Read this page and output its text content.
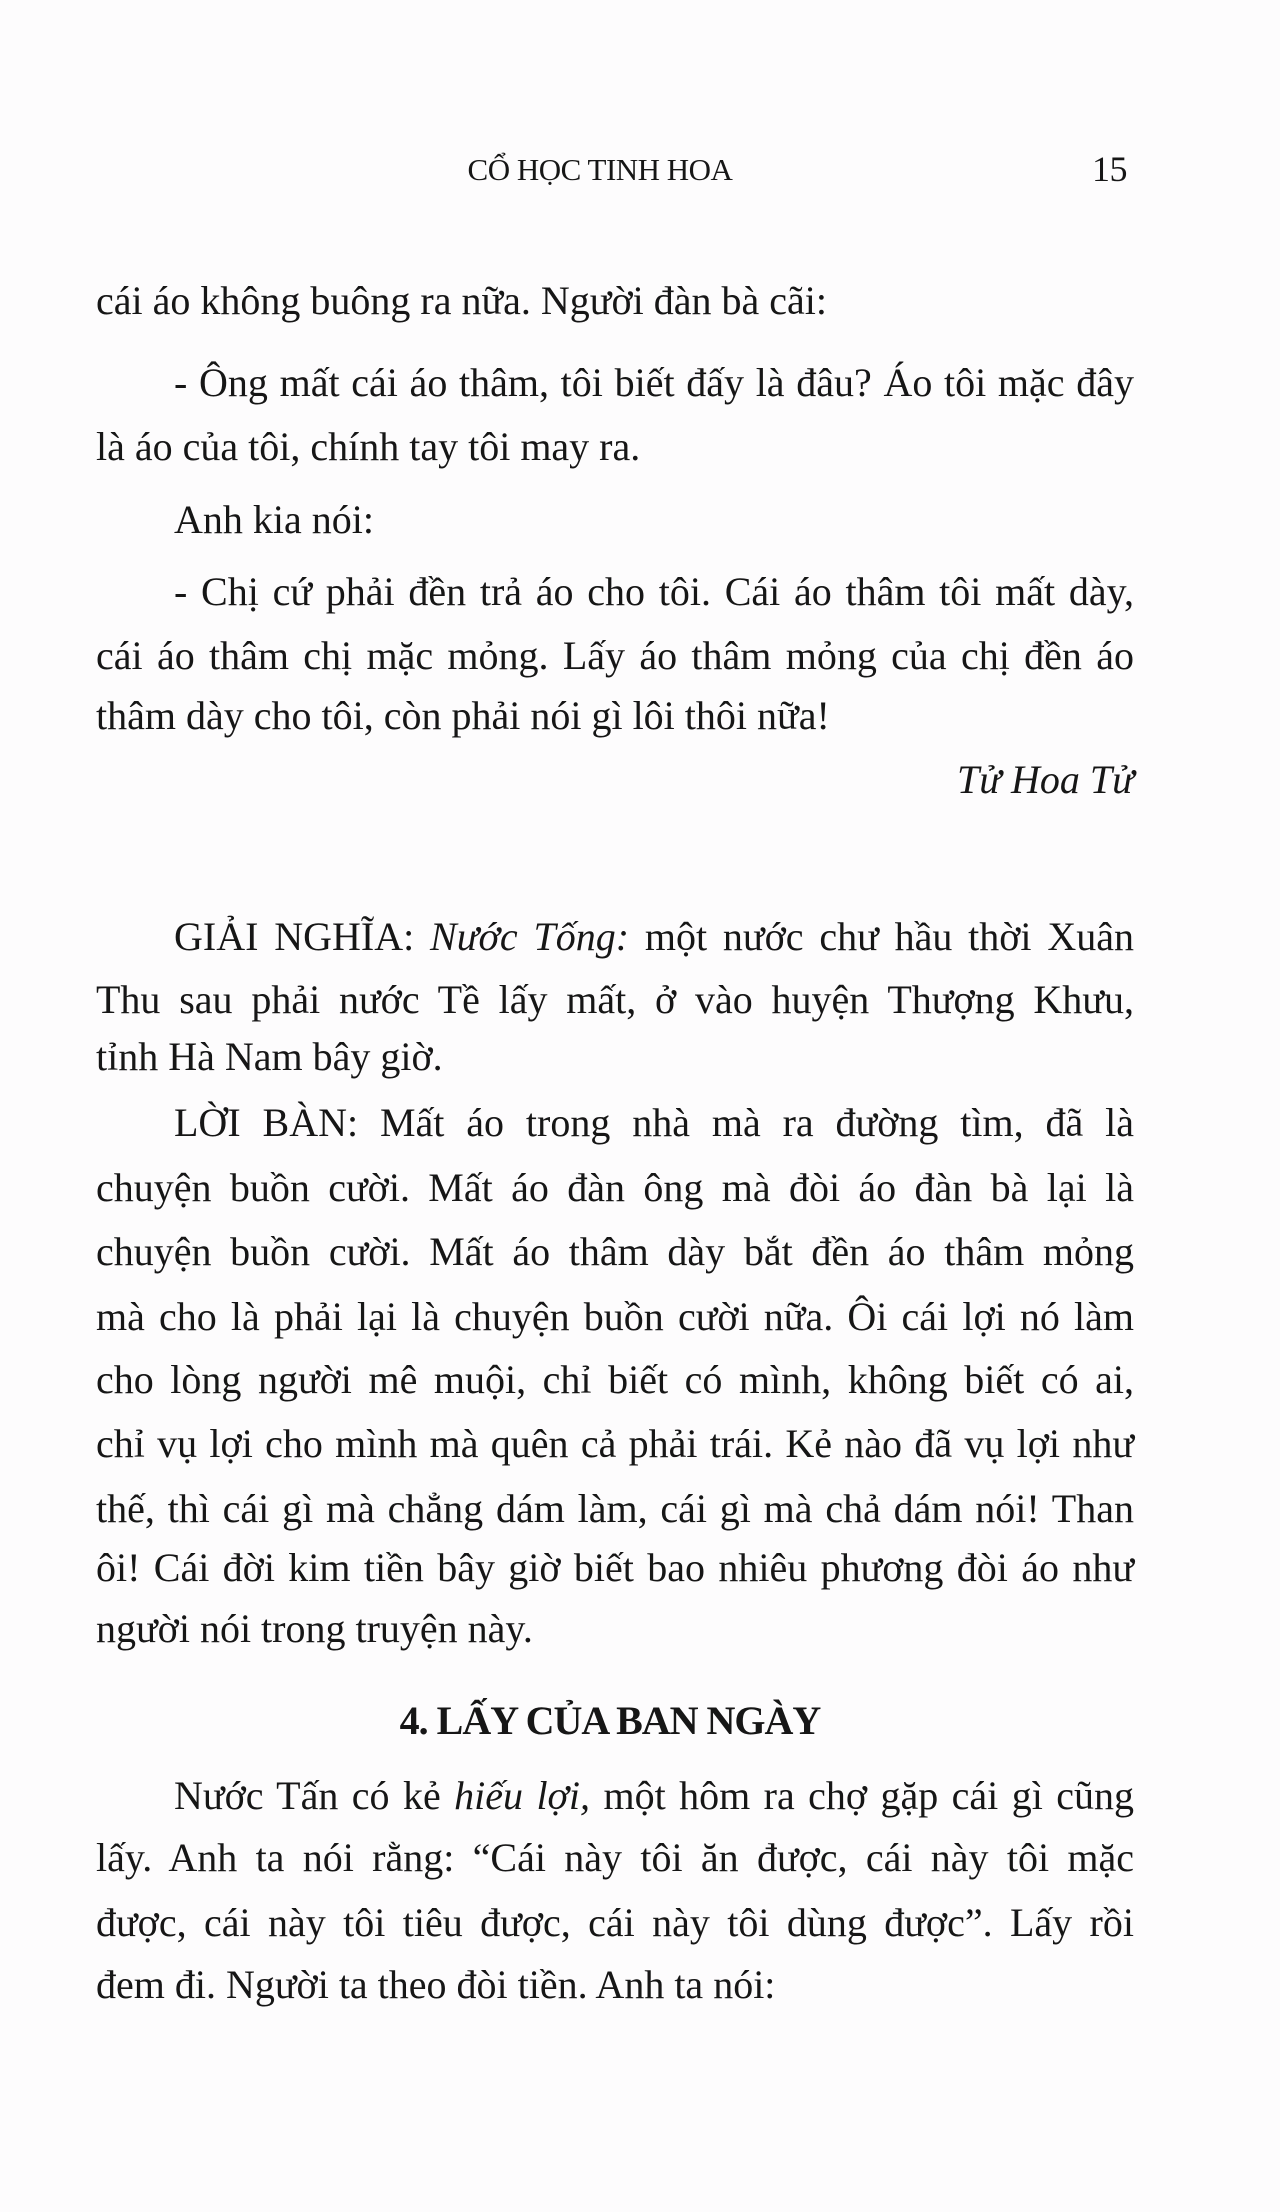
CỔ HỌC TINH HOA	15
cái áo không buông ra nữa. Người đàn bà cãi:
- Ông mất cái áo thâm, tôi biết đấy là đâu? Áo tôi mặc đây
là áo của tôi, chính tay tôi may ra.
Anh kia nói:
- Chị cứ phải đền trả áo cho tôi. Cái áo thâm tôi mất dày,
cái áo thâm chị mặc mỏng. Lấy áo thâm mỏng của chị đền áo
thâm dày cho tôi, còn phải nói gì lôi thôi nữa!
Tử Hoa Tử
GIẢI NGHĨA: Nước Tống: một nước chư hầu thời Xuân
Thu sau phải nước Tề lấy mất, ở vào huyện Thượng Khưu,
tỉnh Hà Nam bây giờ.
LỜI BÀN: Mất áo trong nhà mà ra đường tìm, đã là
chuyện buồn cười. Mất áo đàn ông mà đòi áo đàn bà lại là
chuyện buồn cười. Mất áo thâm dày bắt đền áo thâm mỏng
mà cho là phải lại là chuyện buồn cười nữa. Ôi cái lợi nó làm
cho lòng người mê muội, chỉ biết có mình, không biết có ai,
chỉ vụ lợi cho mình mà quên cả phải trái. Kẻ nào đã vụ lợi như
thế, thì cái gì mà chẳng dám làm, cái gì mà chả dám nói! Than
ôi! Cái đời kim tiền bây giờ biết bao nhiêu phương đòi áo như
người nói trong truyện này.
4. LẤY CỦA BAN NGÀY
Nước Tấn có kẻ hiếu lợi, một hôm ra chợ gặp cái gì cũng
lấy. Anh ta nói rằng: “Cái này tôi ăn được, cái này tôi mặc
được, cái này tôi tiêu được, cái này tôi dùng được”. Lấy rồi
đem đi. Người ta theo đòi tiền. Anh ta nói:
